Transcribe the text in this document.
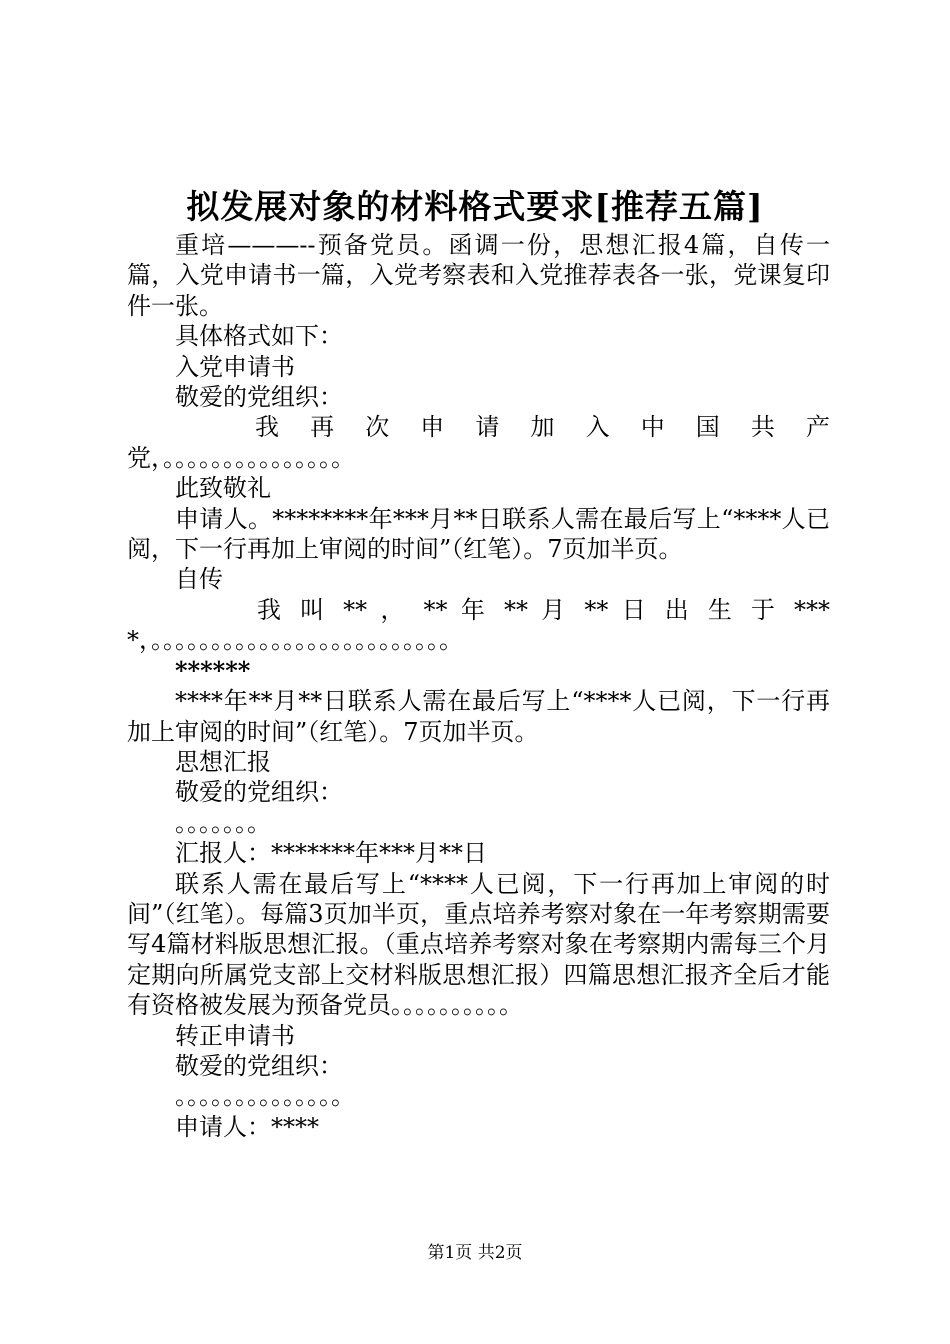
拟发展对象的材料格式要求[推荐五篇]

重培———--预备党员。函调一份，思想汇报4篇，自传一篇，入党申请书一篇，入党考察表和入党推荐表各一张，党课复印件一张。

具体格式如下：

入党申请书

敬爱的党组织：

我 再 次 申 请 加 入 中 国 共 产

党，。。。。。。。。。。。。。。。

此致敬礼

申请人。********年***月**日联系人需在最后写上“****人已阅，下一行再加上审阅的时间”（红笔）。7页加半页。

自传

我 叫 ** ， ** 年 ** 月 ** 日 出 生 于 ***

*，。。。。。。。。。。。。。。。。。。。。。。。。。

******

****年**月**日联系人需在最后写上“****人已阅，下一行再加上审阅的时间”（红笔）。7页加半页。

思想汇报

敬爱的党组织：

。。。。。。。

汇报人：*******年***月**日

联系人需在最后写上“****人已阅，下一行再加上审阅的时间”（红笔）。每篇3页加半页，重点培养考察对象在一年考察期需要写4篇材料版思想汇报。（重点培养考察对象在考察期内需每三个月定期向所属党支部上交材料版思想汇报）四篇思想汇报齐全后才能有资格被发展为预备党员。。。。。。。。。。

转正申请书

敬爱的党组织：

。。。。。。。。。。。。。。

申请人：****

第1页 共2页
